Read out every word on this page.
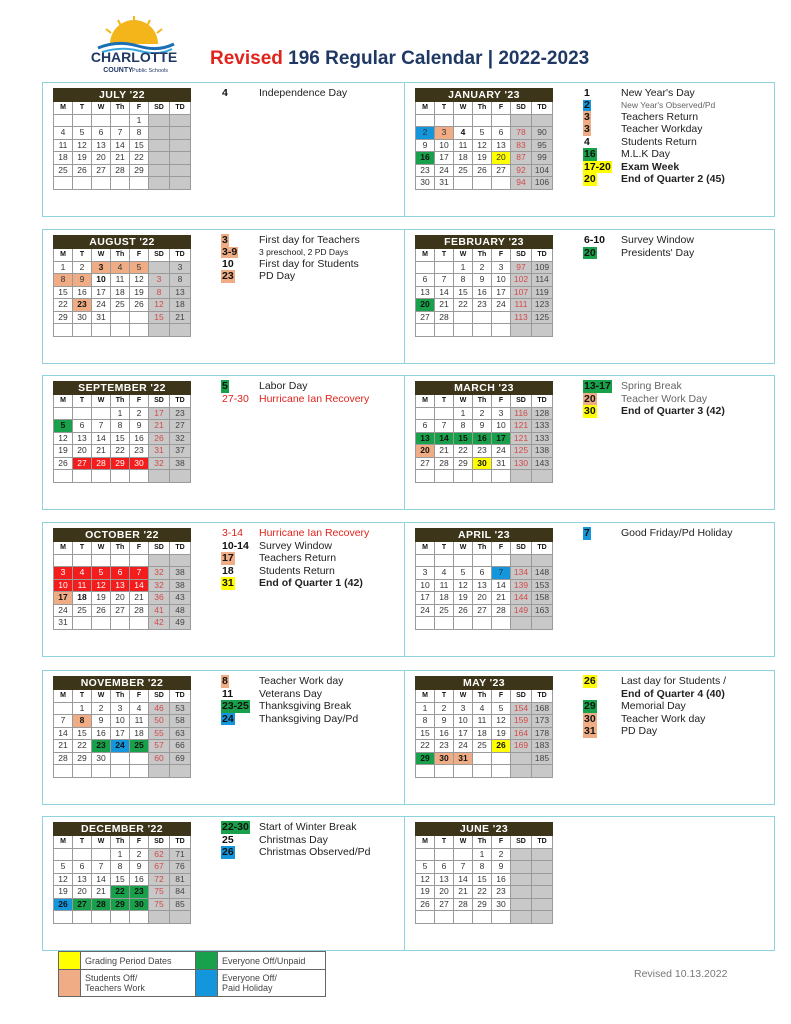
CHARLOTTE
COUNTY Public Schools
Revised 196 Regular Calendar | 2022-2023
JULY '22						
M	T	W	Th	F	SD	TD
				1		
4	5	6	7	8		
11	12	13	14	15		
18	19	20	21	22		
25	26	27	28	29		

4	Independence Day	JANUARY '23						
M	T	W	Th	F	SD	TD

2	3	4	5	6	78	90
9	10	11	12	13	83	95
16	17	18	19	20	87	99
23	24	25	26	27	92	104
30	31				94	106
1	New Year's Day
2	New Year's Observed/Pd
3	Teachers Return
3	Teacher Workday
4	Students Return
16 M.L.K Day
17-20 Exam Week
20 End of Quarter 2 (45)
AUGUST '22						
M	T	W	Th	F	SD	TD
1	2	3	4	5		3
8	9	10	11	12	3	8
15	16	17	18	19	8	13
22	23	24	25	26	12	18
29	30	31			15	21

3	First day for Teachers
3-9	3 preschool, 2 PD Days
10 First day for Students
23 PD Day
FEBRUARY '23						
M	T	W	Th	F	SD	TD
		1	2	3	97	109
6	7	8	9	10	102	114
13	14	15	16	17	107	119
20	21	22	23	24	111	123
27	28				113	125

6-10 Survey Window
20 Presidents' Day
SEPTEMBER '22						
M	T	W	Th	F	SD	TD
			1	2	17	23
5	6	7	8	9	21	27
12	13	14	15	16	26	32
19	20	21	22	23	31	37
26	27	28	29	30	32	38

5	Labor Day
27-30 Hurricane Ian Recovery
MARCH '23						
M	T	W	Th	F	SD	TD
		1	2	3	116	128
6	7	8	9	10	121	133
13	14	15	16	17	121	133
20	21	22	23	24	125	138
27	28	29	30	31	130	143

13-17 Spring Break
20 Teacher Work Day
30 End of Quarter 3 (42)
OCTOBER '22						
M	T	W	Th	F	SD	TD

3	4	5	6	7	32	38
10	11	12	13	14	32	38
17	18	19	20	21	36	43
24	25	26	27	28	41	48
31					42	49
3-14 Hurricane Ian Recovery
10-14 Survey Window
17 Teachers Return
18 Students Return
31 End of Quarter 1 (42)
APRIL '23						
M	T	W	Th	F	SD	TD

3	4	5	6	7	134	148
10	11	12	13	14	139	153
17	18	19	20	21	144	158
24	25	26	27	28	149	163

7	Good Friday/Pd Holiday
NOVEMBER '22						
M	T	W	Th	F	SD	TD
	1	2	3	4	46	53
7	8	9	10	11	50	58
14	15	16	17	18	55	63
21	22	23	24	25	57	66
28	29	30			60	69

8	Teacher Work day
11 Veterans Day
23-25 Thanksgiving Break
24 Thanksgiving Day/Pd
MAY '23						
M	T	W	Th	F	SD	TD
1	2	3	4	5	154	168
8	9	10	11	12	159	173
15	16	17	18	19	164	178
22	23	24	25	26	169	183
29	30	31				185

26 Last day for Students /
End of Quarter 4 (40)
29 Memorial Day
30 Teacher Work day
31 PD Day
DECEMBER '22						
M	T	W	Th	F	SD	TD
			1	2	62	71
5	6	7	8	9	67	76
12	13	14	15	16	72	81
19	20	21	22	23	75	84
26	27	28	29	30	75	85

22-30 Start of Winter Break
25 Christmas Day
26 Christmas Observed/Pd
JUNE '23						
M	T	W	Th	F	SD	TD
			1	2		
5	6	7	8	9		
12	13	14	15	16		
19	20	21	22	23		
26	27	28	29	30		

	Grading Period Dates		Everyone Off/Unpaid
	Students Off/
Teachers Work		Everyone Off/
Paid Holiday
Revised 10.13.2022
